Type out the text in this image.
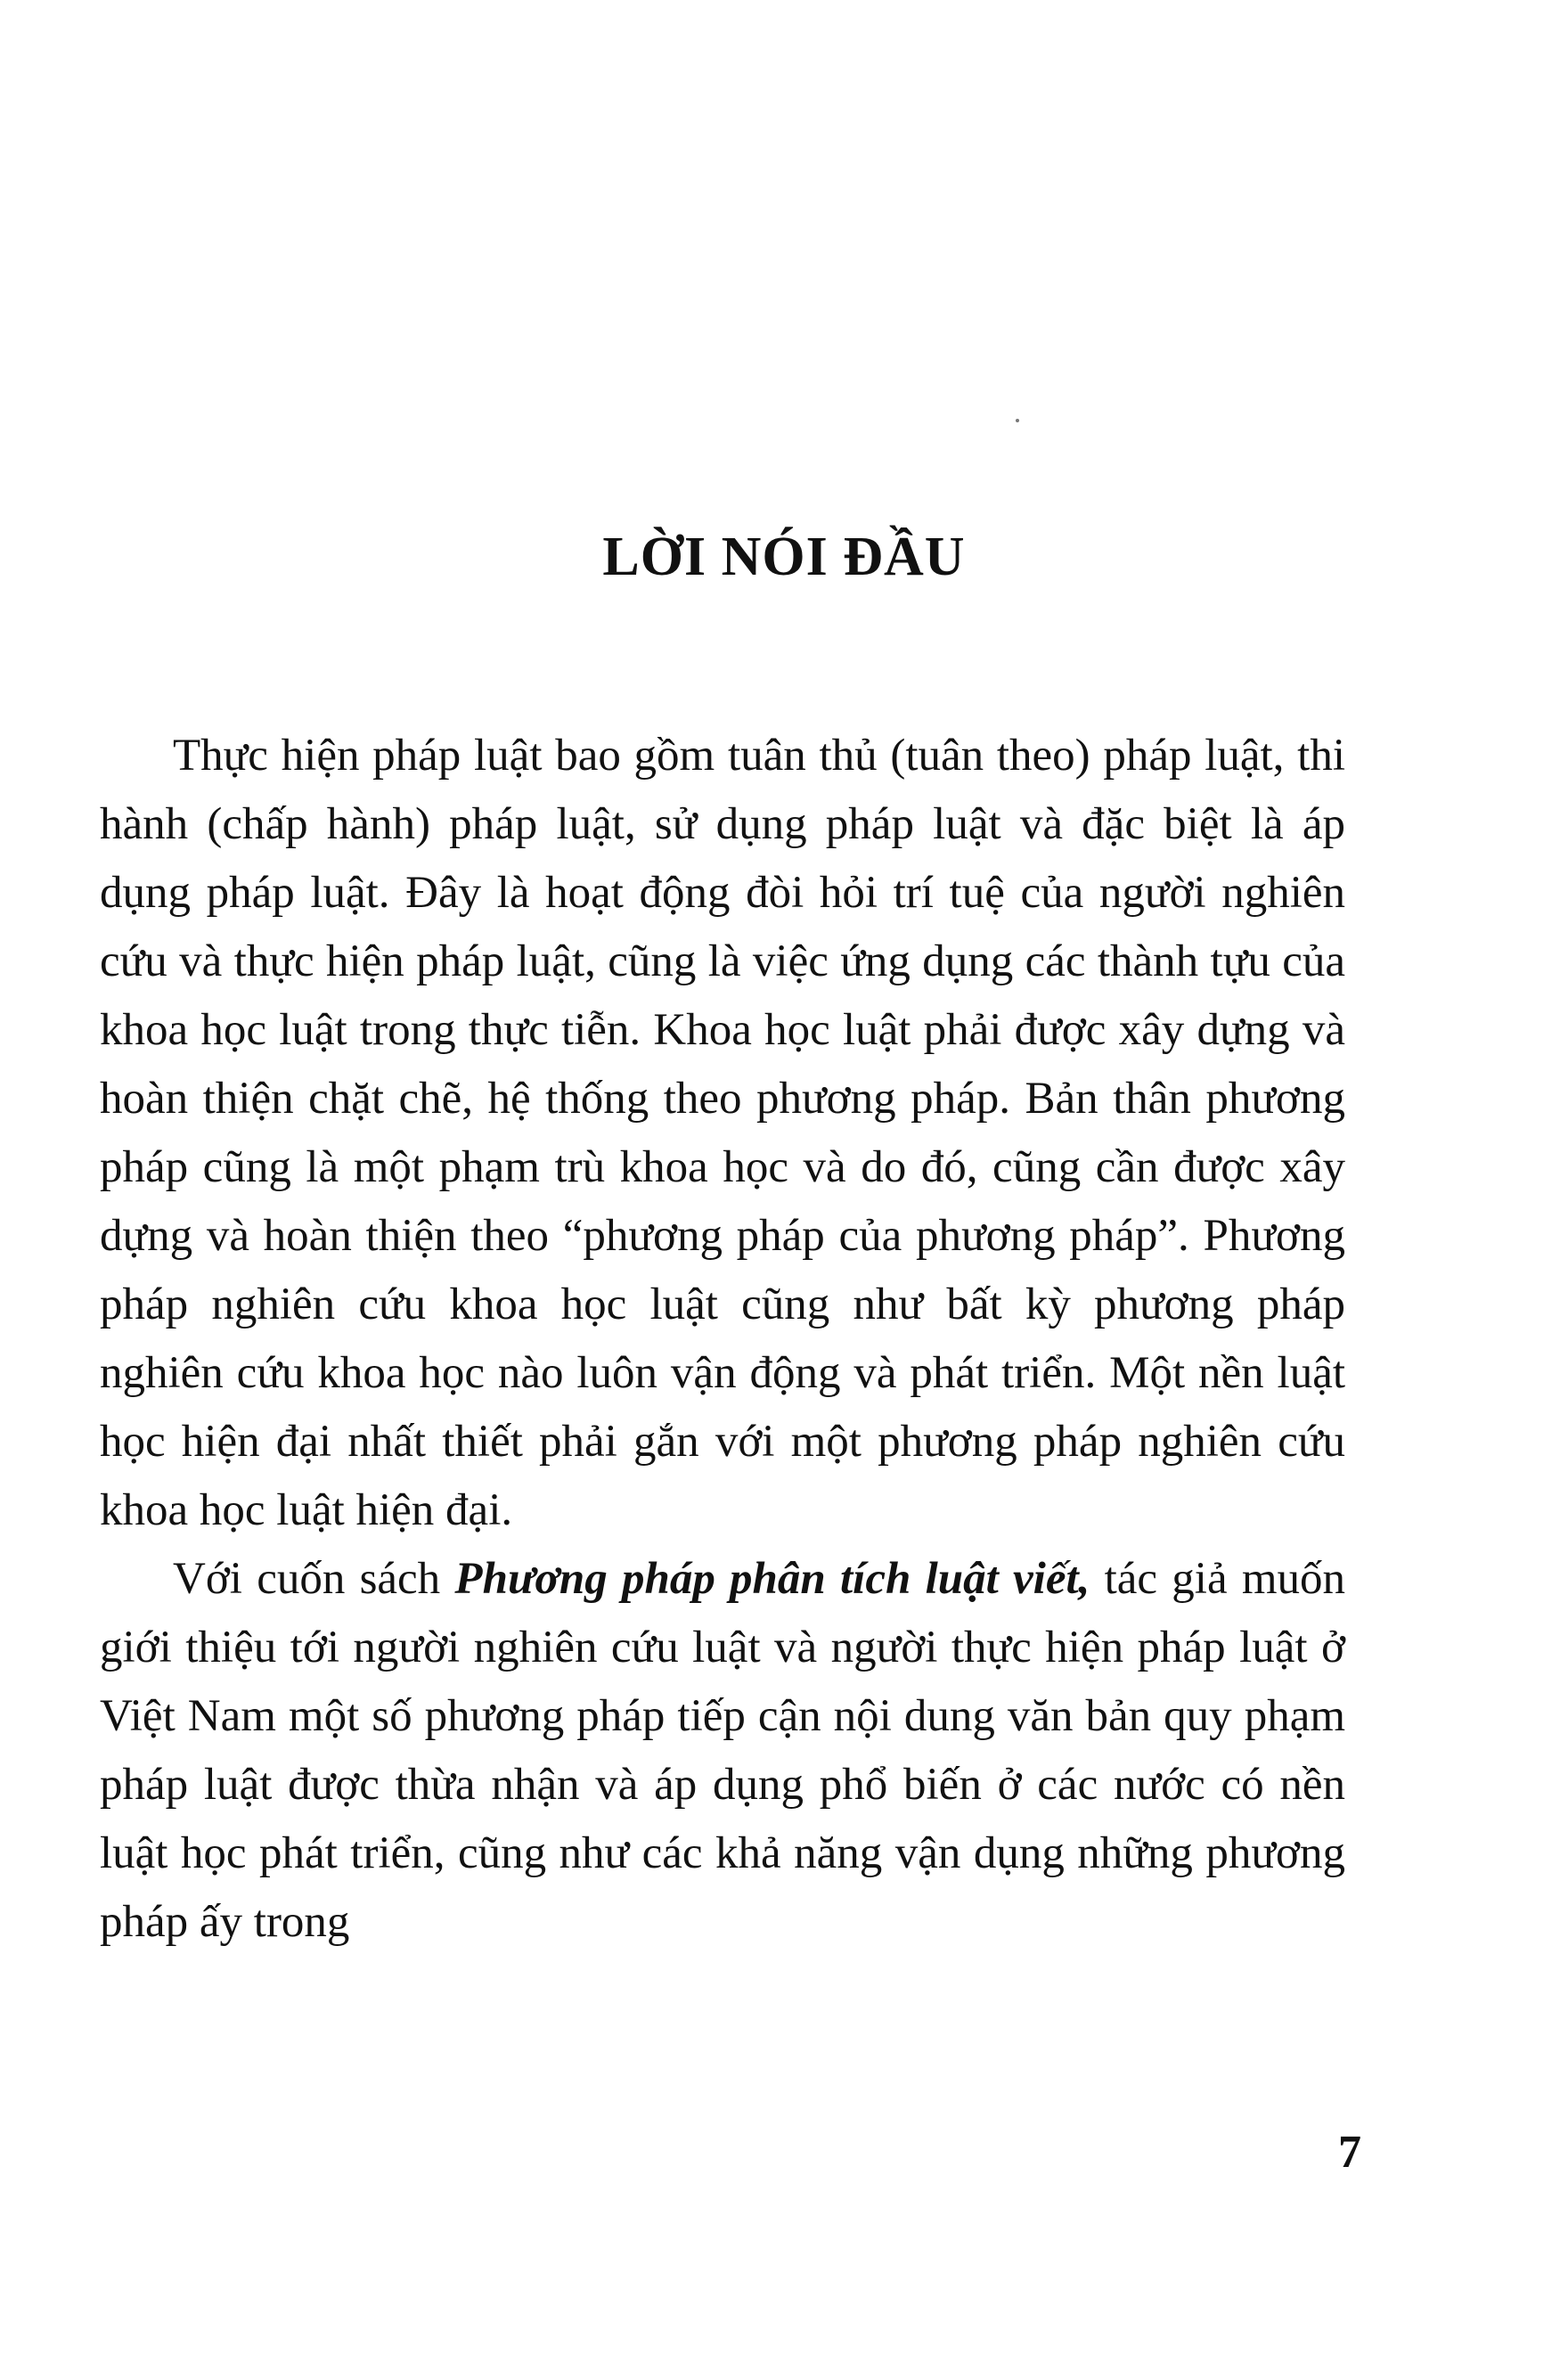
LỜI NÓI ĐẦU

Thực hiện pháp luật bao gồm tuân thủ (tuân theo) pháp luật, thi hành (chấp hành) pháp luật, sử dụng pháp luật và đặc biệt là áp dụng pháp luật. Đây là hoạt động đòi hỏi trí tuệ của người nghiên cứu và thực hiện pháp luật, cũng là việc ứng dụng các thành tựu của khoa học luật trong thực tiễn. Khoa học luật phải được xây dựng và hoàn thiện chặt chẽ, hệ thống theo phương pháp. Bản thân phương pháp cũng là một phạm trù khoa học và do đó, cũng cần được xây dựng và hoàn thiện theo “phương pháp của phương pháp”. Phương pháp nghiên cứu khoa học luật cũng như bất kỳ phương pháp nghiên cứu khoa học nào luôn vận động và phát triển. Một nền luật học hiện đại nhất thiết phải gắn với một phương pháp nghiên cứu khoa học luật hiện đại.

Với cuốn sách Phương pháp phân tích luật viết, tác giả muốn giới thiệu tới người nghiên cứu luật và người thực hiện pháp luật ở Việt Nam một số phương pháp tiếp cận nội dung văn bản quy phạm pháp luật được thừa nhận và áp dụng phổ biến ở các nước có nền luật học phát triển, cũng như các khả năng vận dụng những phương pháp ấy trong

7
